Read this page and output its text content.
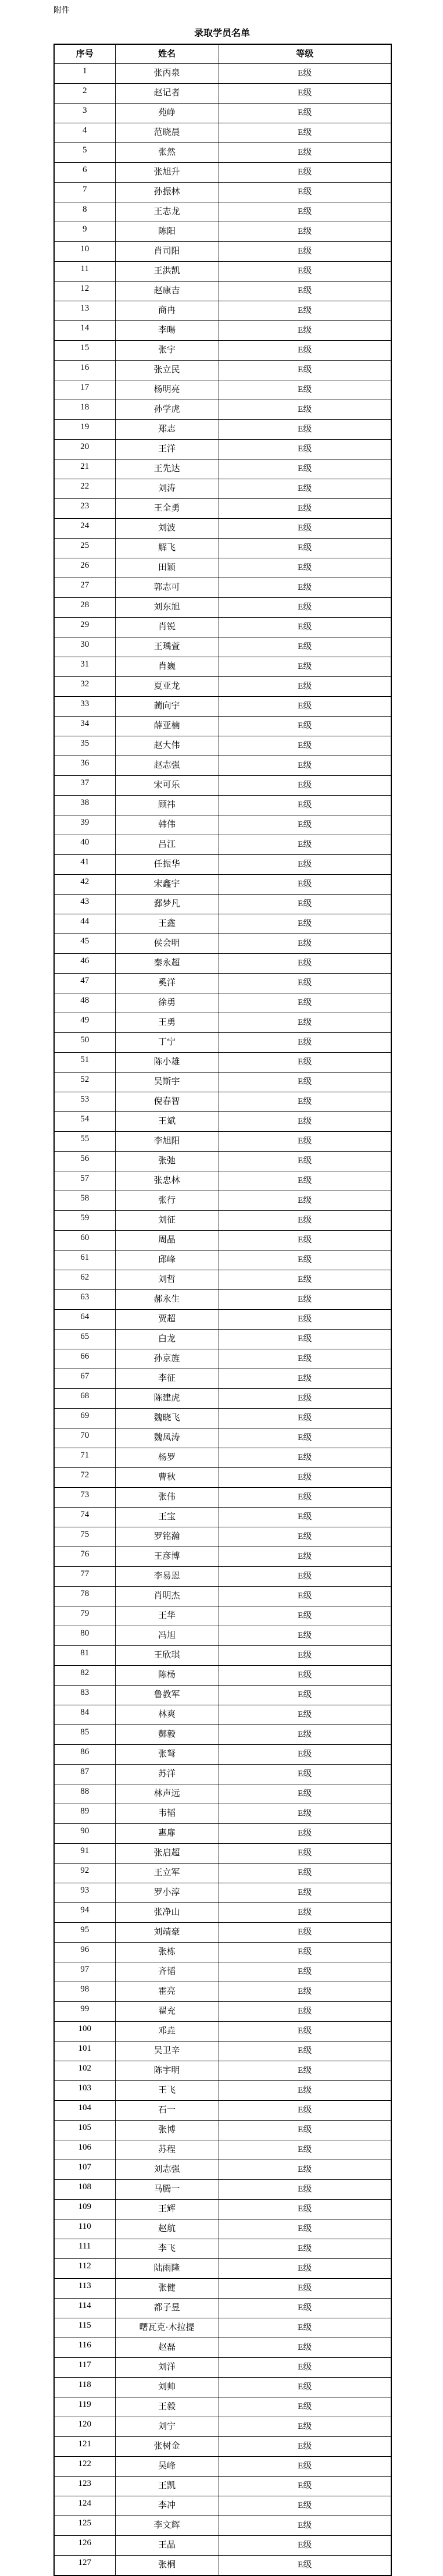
附件
录取学员名单
序号	姓名	等级
1	张丙泉	E级
2	赵记者	E级
3	苑峥	E级
4	范晓晨	E级
5	张然	E级
6	张旭升	E级
7	孙振林	E级
8	王志龙	E级
9	陈阳	E级
10	肖司阳	E级
11	王洪凯	E级
12	赵康吉	E级
13	商冉	E级
14	李暘	E级
15	张宇	E级
16	张立民	E级
17	杨明亮	E级
18	孙学虎	E级
19	郑志	E级
20	王洋	E级
21	王先达	E级
22	刘涛	E级
23	王全勇	E级
24	刘波	E级
25	解飞	E级
26	田颖	E级
27	郭志可	E级
28	刘东旭	E级
29	肖锐	E级
30	王瑀萱	E级
31	肖巍	E级
32	夏亚龙	E级
33	蔺向宇	E级
34	薛亚楠	E级
35	赵大伟	E级
36	赵志强	E级
37	宋可乐	E级
38	顾祎	E级
39	韩伟	E级
40	吕江	E级
41	任振华	E级
42	宋鑫宇	E级
43	郄梦凡	E级
44	王鑫	E级
45	侯会明	E级
46	秦永超	E级
47	奚洋	E级
48	徐勇	E级
49	王勇	E级
50	丁宁	E级
51	陈小雄	E级
52	吴斯宇	E级
53	倪春智	E级
54	王斌	E级
55	李旭阳	E级
56	张弛	E级
57	张忠林	E级
58	张行	E级
59	刘征	E级
60	周晶	E级
61	邱峰	E级
62	刘哲	E级
63	郝永生	E级
64	贾超	E级
65	白龙	E级
66	孙京旌	E级
67	李征	E级
68	陈建虎	E级
69	魏晓飞	E级
70	魏凤涛	E级
71	杨罗	E级
72	曹秋	E级
73	张伟	E级
74	王宝	E级
75	罗铭瀚	E级
76	王彦博	E级
77	李易恩	E级
78	肖明杰	E级
79	王华	E级
80	冯旭	E级
81	王欣琪	E级
82	陈杨	E级
83	鲁教军	E级
84	林爽	E级
85	酆毅	E级
86	张弩	E级
87	苏洋	E级
88	林声远	E级
89	韦韬	E级
90	惠扉	E级
91	张启超	E级
92	王立军	E级
93	罗小淳	E级
94	张净山	E级
95	刘靖豪	E级
96	张栋	E级
97	齐韬	E级
98	霍亮	E级
99	翟充	E级
100	邓垚	E级
101	吴卫辛	E级
102	陈宇明	E级
103	王飞	E级
104	石一	E级
105	张博	E级
106	苏程	E级
107	刘志强	E级
108	马腾一	E级
109	王辉	E级
110	赵航	E级
111	李飞	E级
112	陆雨隆	E级
113	张健	E级
114	都子昱	E级
115	曙瓦克·木拉提	E级
116	赵磊	E级
117	刘洋	E级
118	刘帅	E级
119	王毅	E级
120	刘宁	E级
121	张树金	E级
122	吴峰	E级
123	王凯	E级
124	李冲	E级
125	李文辉	E级
126	王晶	E级
127	张桐	E级
